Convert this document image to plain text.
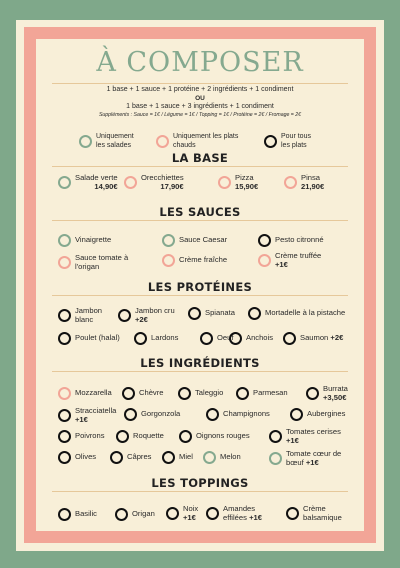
À COMPOSER
1 base + 1 sauce + 1 protéine + 2 ingrédients + 1 condiment
OU
1 base + 1 sauce + 3 ingrédients + 1 condiment
Suppléments : Sauce = 1€ / Légume = 1€ / Topping = 1€ / Protéine = 2€ / Fromage = 2€
Uniquement
les salades
Uniquement les plats
chauds
Pour tous
les plats
LA BASE
Salade verte
14,90€
Orecchiettes
17,90€
Pizza
15,90€
Pinsa
21,90€
LES SAUCES
Vinaigrette	Sauce Caesar	Pesto citronné
Sauce tomate à
l'origan
Crème fraîche	Crème truffée
+1€
LES PROTÉINES
Jambon
blanc
Jambon cru
+2€
Spianata	Mortadelle à la pistache
Poulet (halal)	Lardons	Oeuf Anchois	Saumon +2€
LES INGRÉDIENTS
Mozzarella	Chèvre	Taleggio	Parmesan	Burrata
+3,50€
Stracciatella
+1€
Gorgonzola	Champignons	Aubergines
Poivrons	Roquette	Oignons rouges	Tomates cerises
+1€
Olives	Câpres	Miel	Melon	Tomate cœur de
bœuf +1€
LES TOPPINGS
Basilic	Origan
Noix
+1€
Amandes
effilées +1€
Crème
balsamique
